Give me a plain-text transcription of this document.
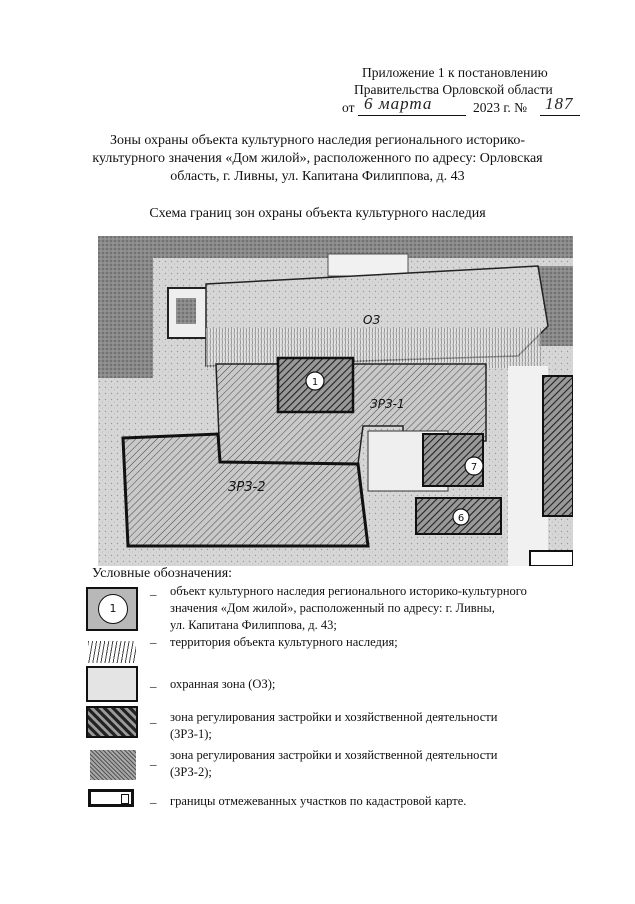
Приложение 1 к постановлению
Правительства Орловской области
от 6 марта	2023 г. № 187
Зоны охраны объекта культурного наследия регионального историко-
культурного значения «Дом жилой», расположенного по адресу: Орловская
область, г. Ливны, ул. Капитана Филиппова, д. 43
Схема границ зон охраны объекта культурного наследия
ОЗ
ЗРЗ-1
ЗРЗ-2
1
7
6
Условные обозначения:
1
_ объект культурного наследия регионального историко-культурного
значения «Дом жилой», расположенный по адресу: г. Ливны,
ул. Капитана Филиппова, д. 43;
_ территория объекта культурного наследия;
_ охранная зона (ОЗ);
_ зона регулирования застройки и хозяйственной деятельности
(ЗРЗ-1);
_ зона регулирования застройки и хозяйственной деятельности
(ЗРЗ-2);
_ границы отмежеванных участков по кадастровой карте.
